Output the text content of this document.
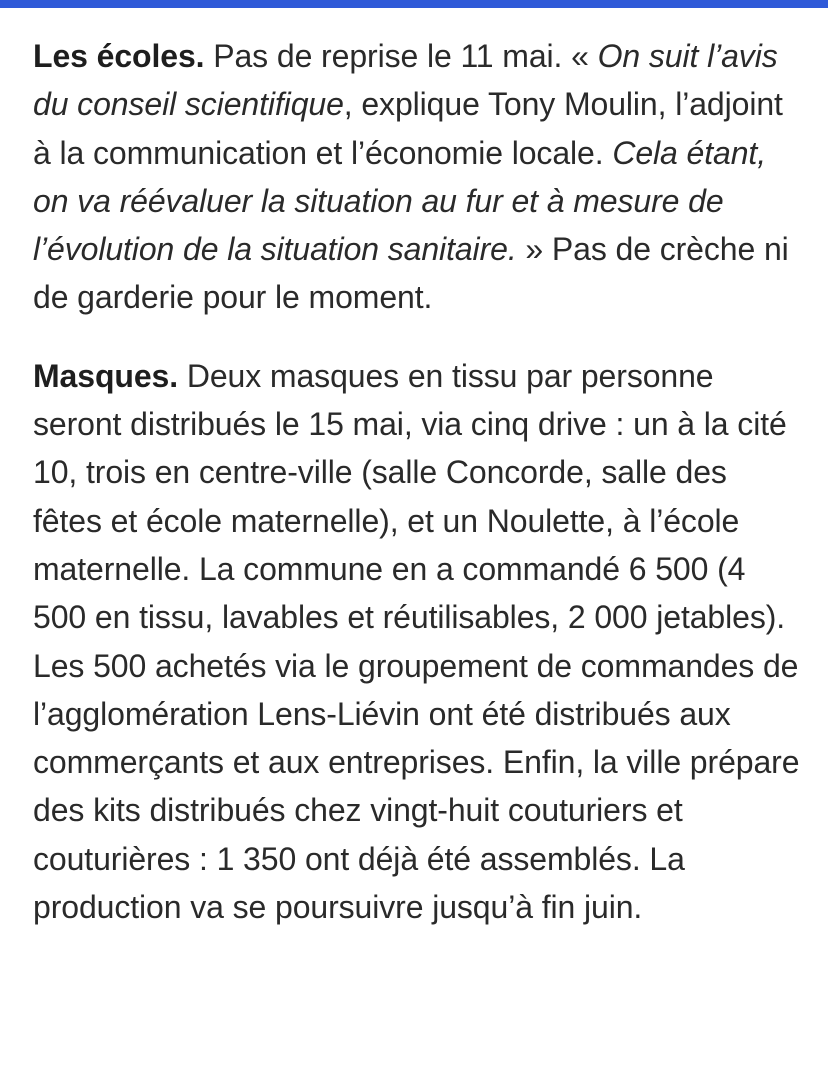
Les écoles. Pas de reprise le 11 mai. « On suit l’avis du conseil scientifique, explique Tony Moulin, l’adjoint à la communication et l’économie locale. Cela étant, on va réévaluer la situation au fur et à mesure de l’évolution de la situation sanitaire. » Pas de crèche ni de garderie pour le moment.

Masques. Deux masques en tissu par personne seront distribués le 15 mai, via cinq drive : un à la cité 10, trois en centre-ville (salle Concorde, salle des fêtes et école maternelle), et un Noulette, à l’école maternelle. La commune en a commandé 6 500 (4 500 en tissu, lavables et réutilisables, 2 000 jetables). Les 500 achetés via le groupement de commandes de l’agglomération Lens-Liévin ont été distribués aux commerçants et aux entreprises. Enfin, la ville prépare des kits distribués chez vingt-huit couturiers et couturières : 1 350 ont déjà été assemblés. La production va se poursuivre jusqu’à fin juin.
